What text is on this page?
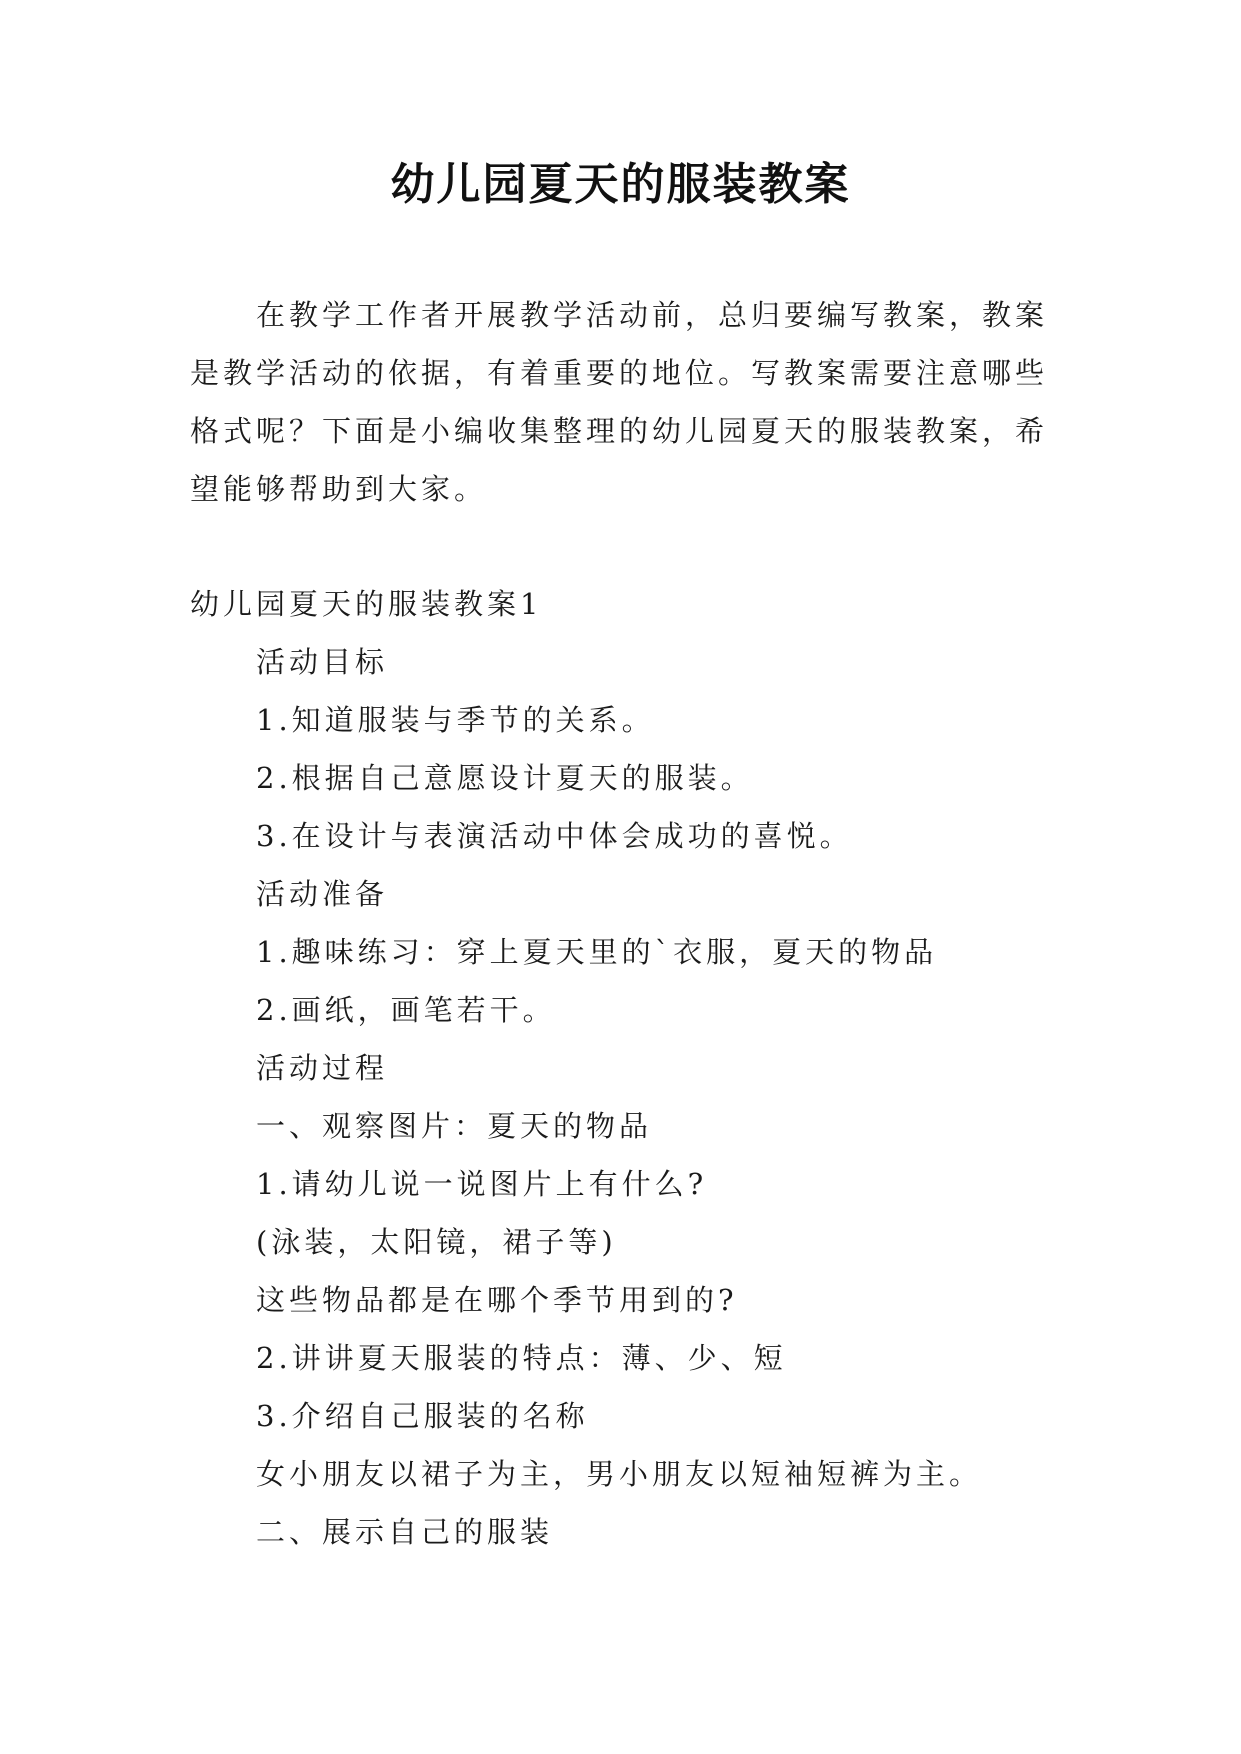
幼儿园夏天的服装教案
在教学工作者开展教学活动前，总归要编写教案，教案是教学活动的依据，有着重要的地位。写教案需要注意哪些格式呢？下面是小编收集整理的幼儿园夏天的服装教案，希望能够帮助到大家。
幼儿园夏天的服装教案1
活动目标
1.知道服装与季节的关系。
2.根据自己意愿设计夏天的服装。
3.在设计与表演活动中体会成功的喜悦。
活动准备
1.趣味练习：穿上夏天里的`衣服，夏天的物品
2.画纸，画笔若干。
活动过程
一、观察图片：夏天的物品
1.请幼儿说一说图片上有什么?
(泳装，太阳镜，裙子等)
这些物品都是在哪个季节用到的?
2.讲讲夏天服装的特点：薄、少、短
3.介绍自己服装的名称
女小朋友以裙子为主，男小朋友以短袖短裤为主。
二、展示自己的服装
